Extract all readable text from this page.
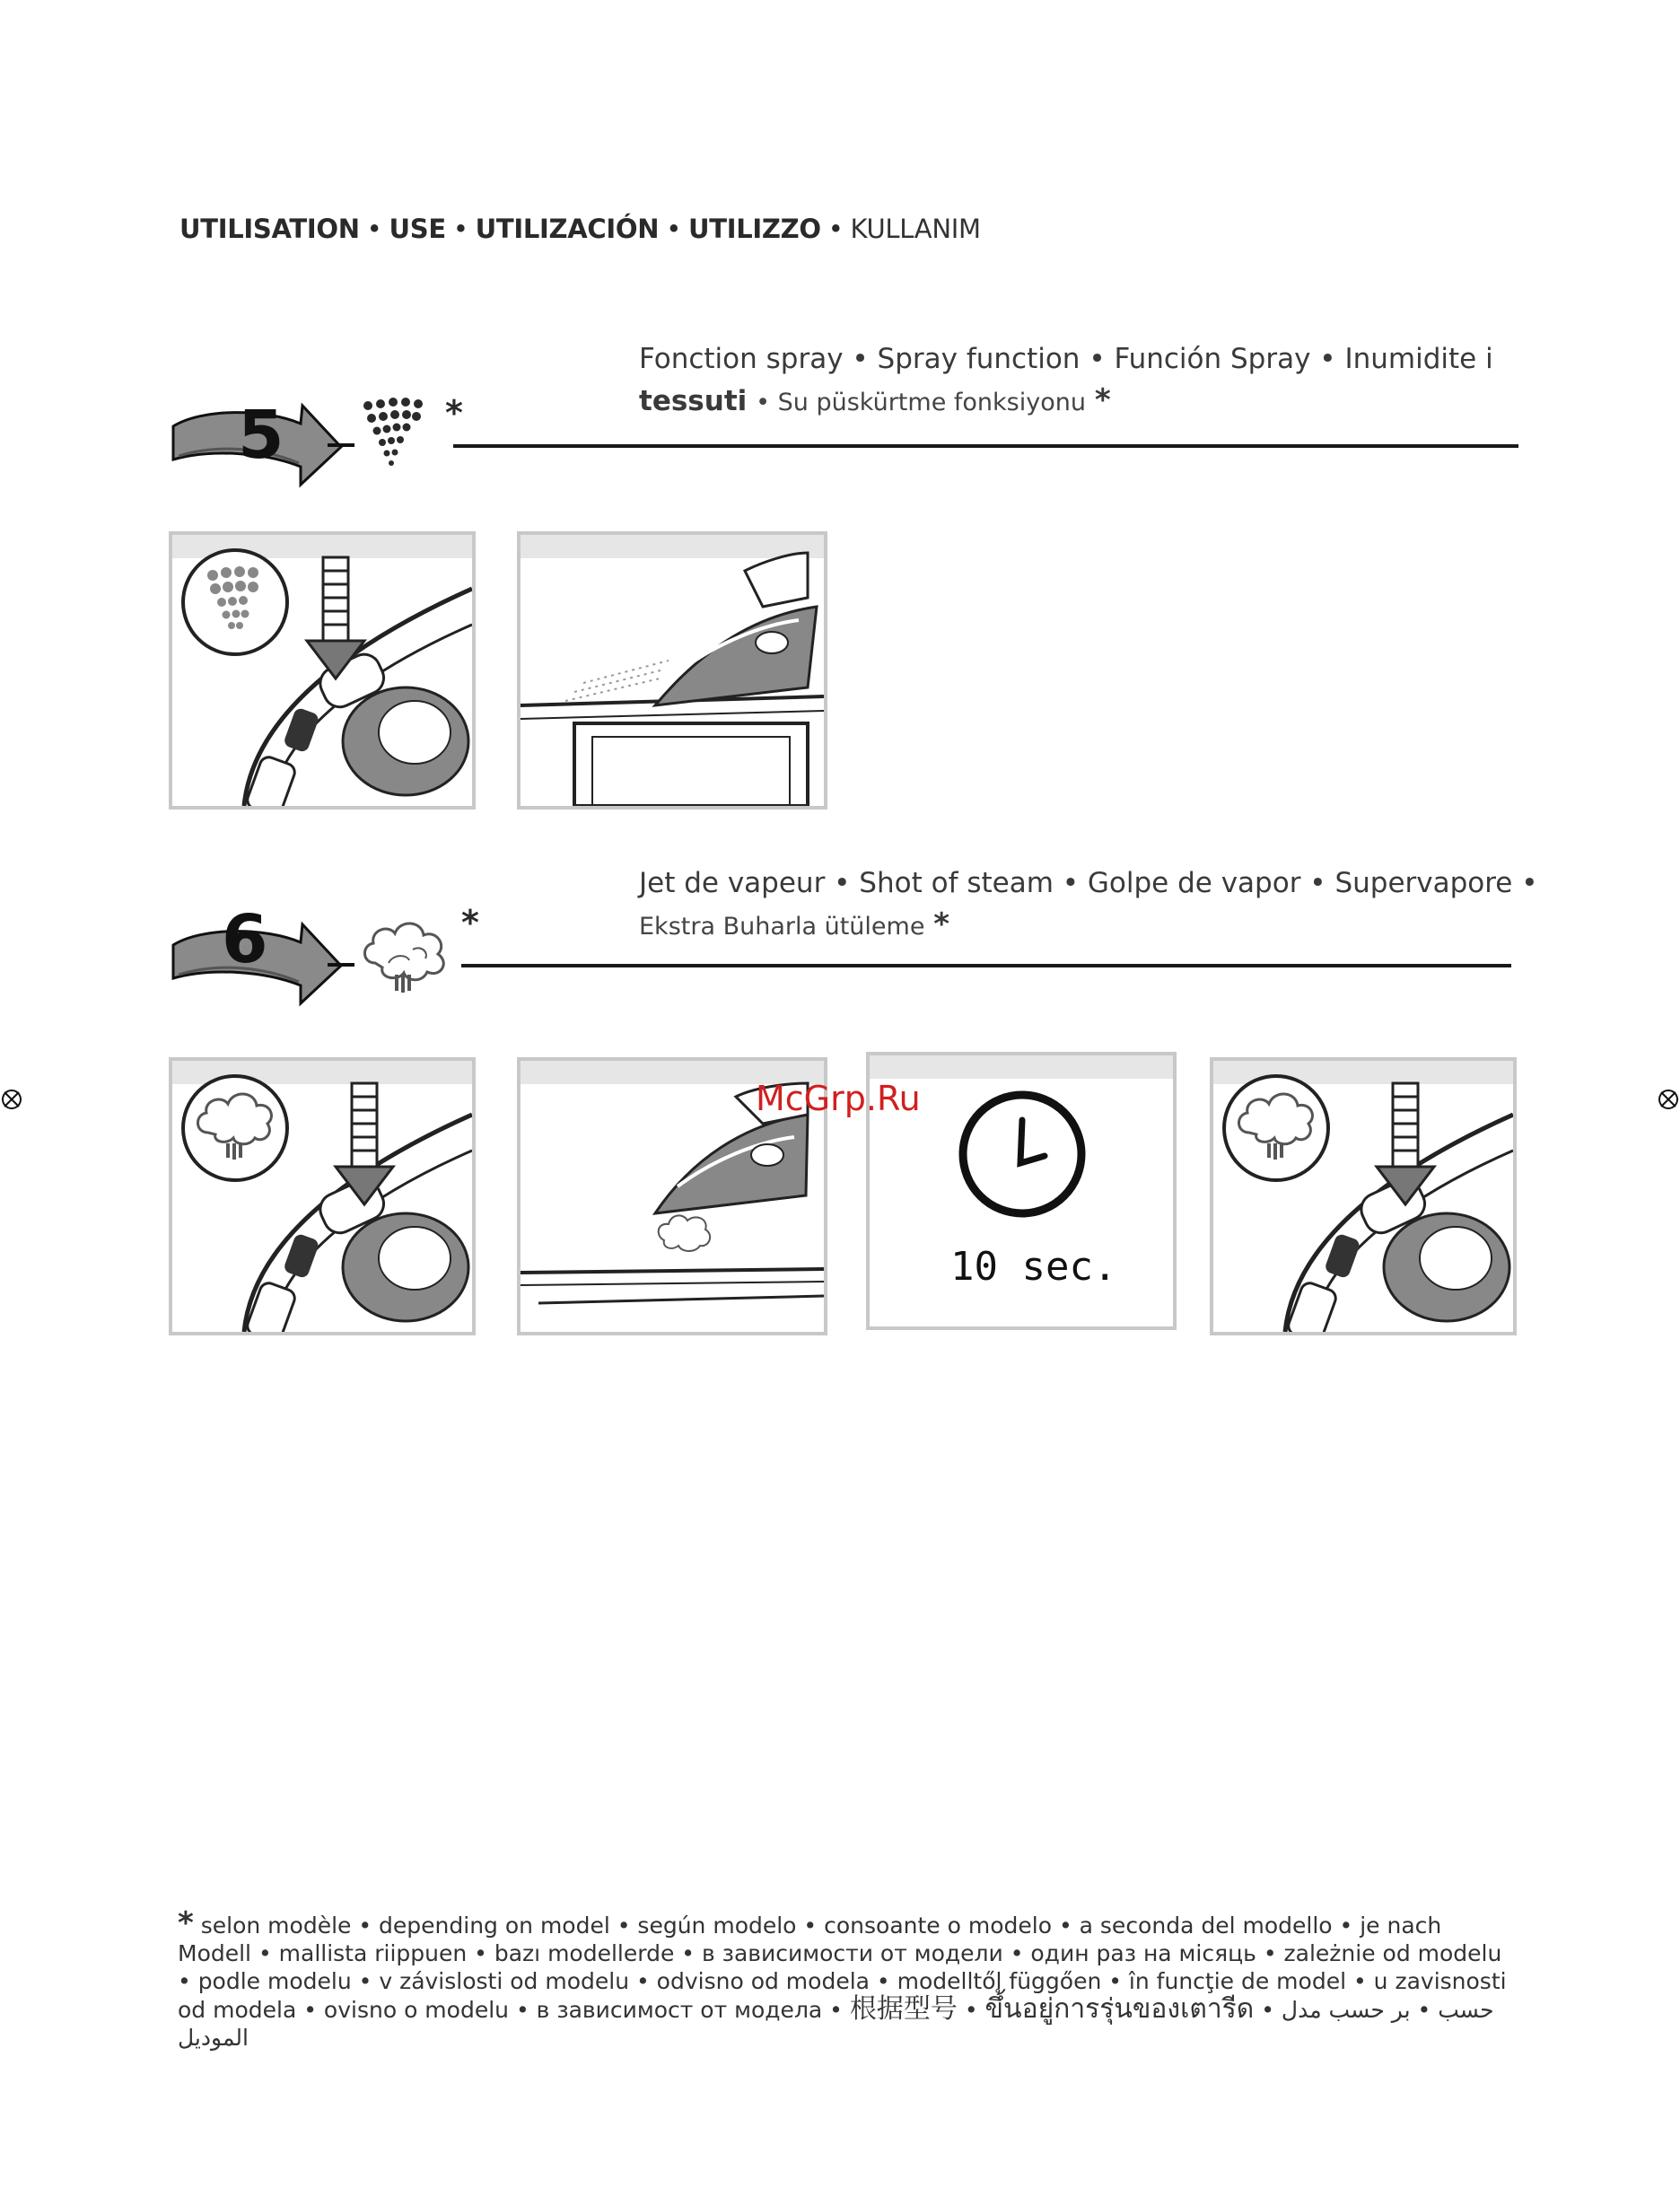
UTILISATION • USE • UTILIZACIÓN • UTILIZZO • KULLANIM
5	*
Fonction spray • Spray function • Función Spray • Inumidite i
tessuti • Su püskürtme fonksiyonu *
6	*
Jet de vapeur • Shot of steam • Golpe de vapor • Supervapore •
Ekstra Buharla ütüleme *
10 sec.
McGrp.Ru
* selon modèle • depending on model • según modelo • consoante o modelo • a seconda del modello • je nach Modell • mallista riippuen • bazı modellerde • в зависимости от модели • один раз на місяць • zależnie od modelu • podle modelu • v závislosti od modelu • odvisno od modela • modelltől függően • în funcţie de model • u zavisnosti od modela • ovisno o modelu • в зависимост от модела • 根据型号 • ขึ้นอยู่การรุ่นของเตารีด • بر حسب مدل • حسب الموديل
